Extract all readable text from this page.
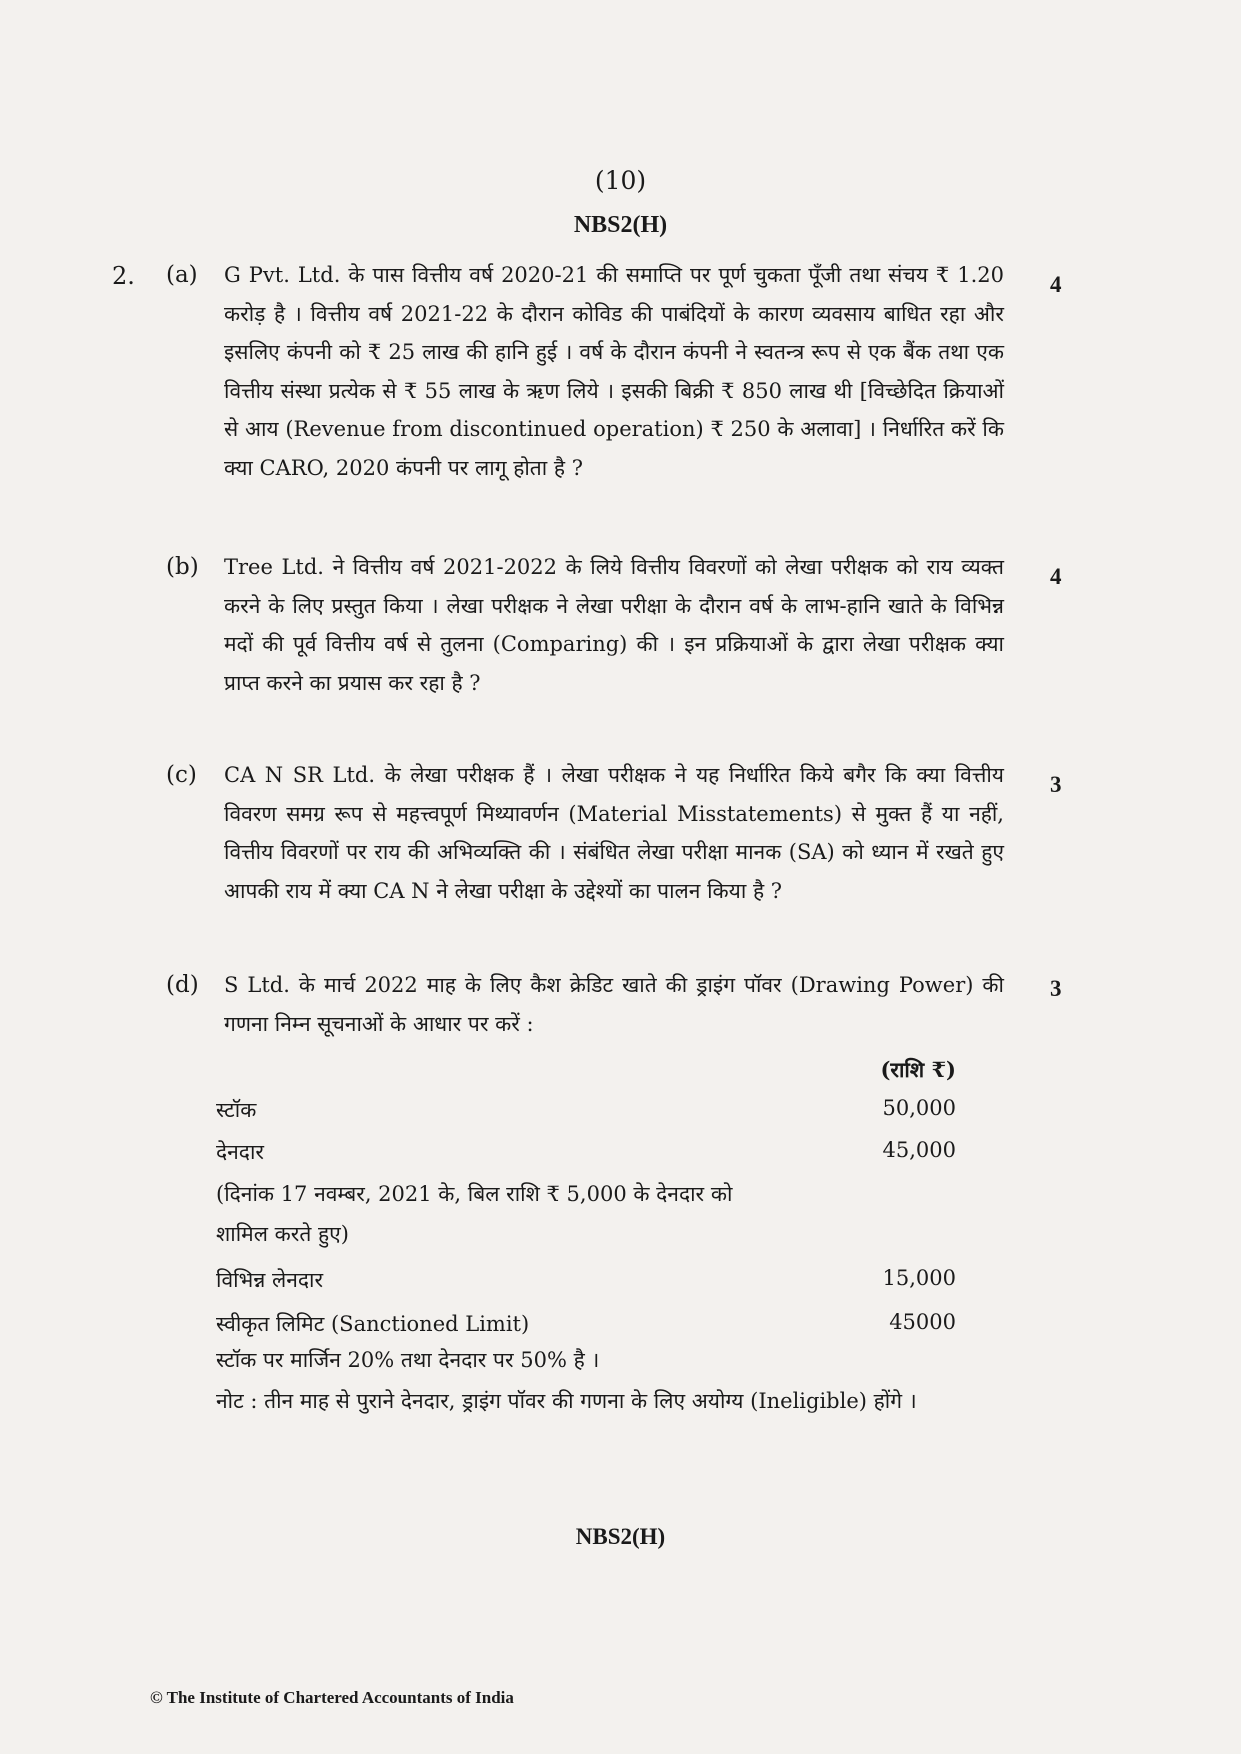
(10)
NBS2(H)
2. (a) G Pvt. Ltd. के पास वित्तीय वर्ष 2020-21 की समाप्ति पर पूर्ण चुकता पूँजी तथा संचय ₹ 1.20 करोड़ है । वित्तीय वर्ष 2021-22 के दौरान कोविड की पाबंदियों के कारण व्यवसाय बाधित रहा और इसलिए कंपनी को ₹ 25 लाख की हानि हुई । वर्ष के दौरान कंपनी ने स्वतन्त्र रूप से एक बैंक तथा एक वित्तीय संस्था प्रत्येक से ₹ 55 लाख के ऋण लिये । इसकी बिक्री ₹ 850 लाख थी [विच्छेदित क्रियाओं से आय (Revenue from discontinued operation) ₹ 250 के अलावा] । निर्धारित करें कि क्या CARO, 2020 कंपनी पर लागू होता है ?
4
(b) Tree Ltd. ने वित्तीय वर्ष 2021-2022 के लिये वित्तीय विवरणों को लेखा परीक्षक को राय व्यक्त करने के लिए प्रस्तुत किया । लेखा परीक्षक ने लेखा परीक्षा के दौरान वर्ष के लाभ-हानि खाते के विभिन्न मदों की पूर्व वित्तीय वर्ष से तुलना (Comparing) की । इन प्रक्रियाओं के द्वारा लेखा परीक्षक क्या प्राप्त करने का प्रयास कर रहा है ?
4
(c) CA N SR Ltd. के लेखा परीक्षक हैं । लेखा परीक्षक ने यह निर्धारित किये बगैर कि क्या वित्तीय विवरण समग्र रूप से महत्त्वपूर्ण मिथ्यावर्णन (Material Misstatements) से मुक्त हैं या नहीं, वित्तीय विवरणों पर राय की अभिव्यक्ति की । संबंधित लेखा परीक्षा मानक (SA) को ध्यान में रखते हुए आपकी राय में क्या CA N ने लेखा परीक्षा के उद्देश्यों का पालन किया है ?
3
(d) S Ltd. के मार्च 2022 माह के लिए कैश क्रेडिट खाते की ड्राइंग पॉवर (Drawing Power) की गणना निम्न सूचनाओं के आधार पर करें :
3
(राशि ₹)
स्टॉक	50,000
देनदार	45,000
(दिनांक 17 नवम्बर, 2021 के, बिल राशि ₹ 5,000 के देनदार को
शामिल करते हुए)
विभिन्न लेनदार	15,000
स्वीकृत लिमिट (Sanctioned Limit)	45000
स्टॉक पर मार्जिन 20% तथा देनदार पर 50% है ।
नोट : तीन माह से पुराने देनदार, ड्राइंग पॉवर की गणना के लिए अयोग्य (Ineligible) होंगे ।
NBS2(H)
© The Institute of Chartered Accountants of India
